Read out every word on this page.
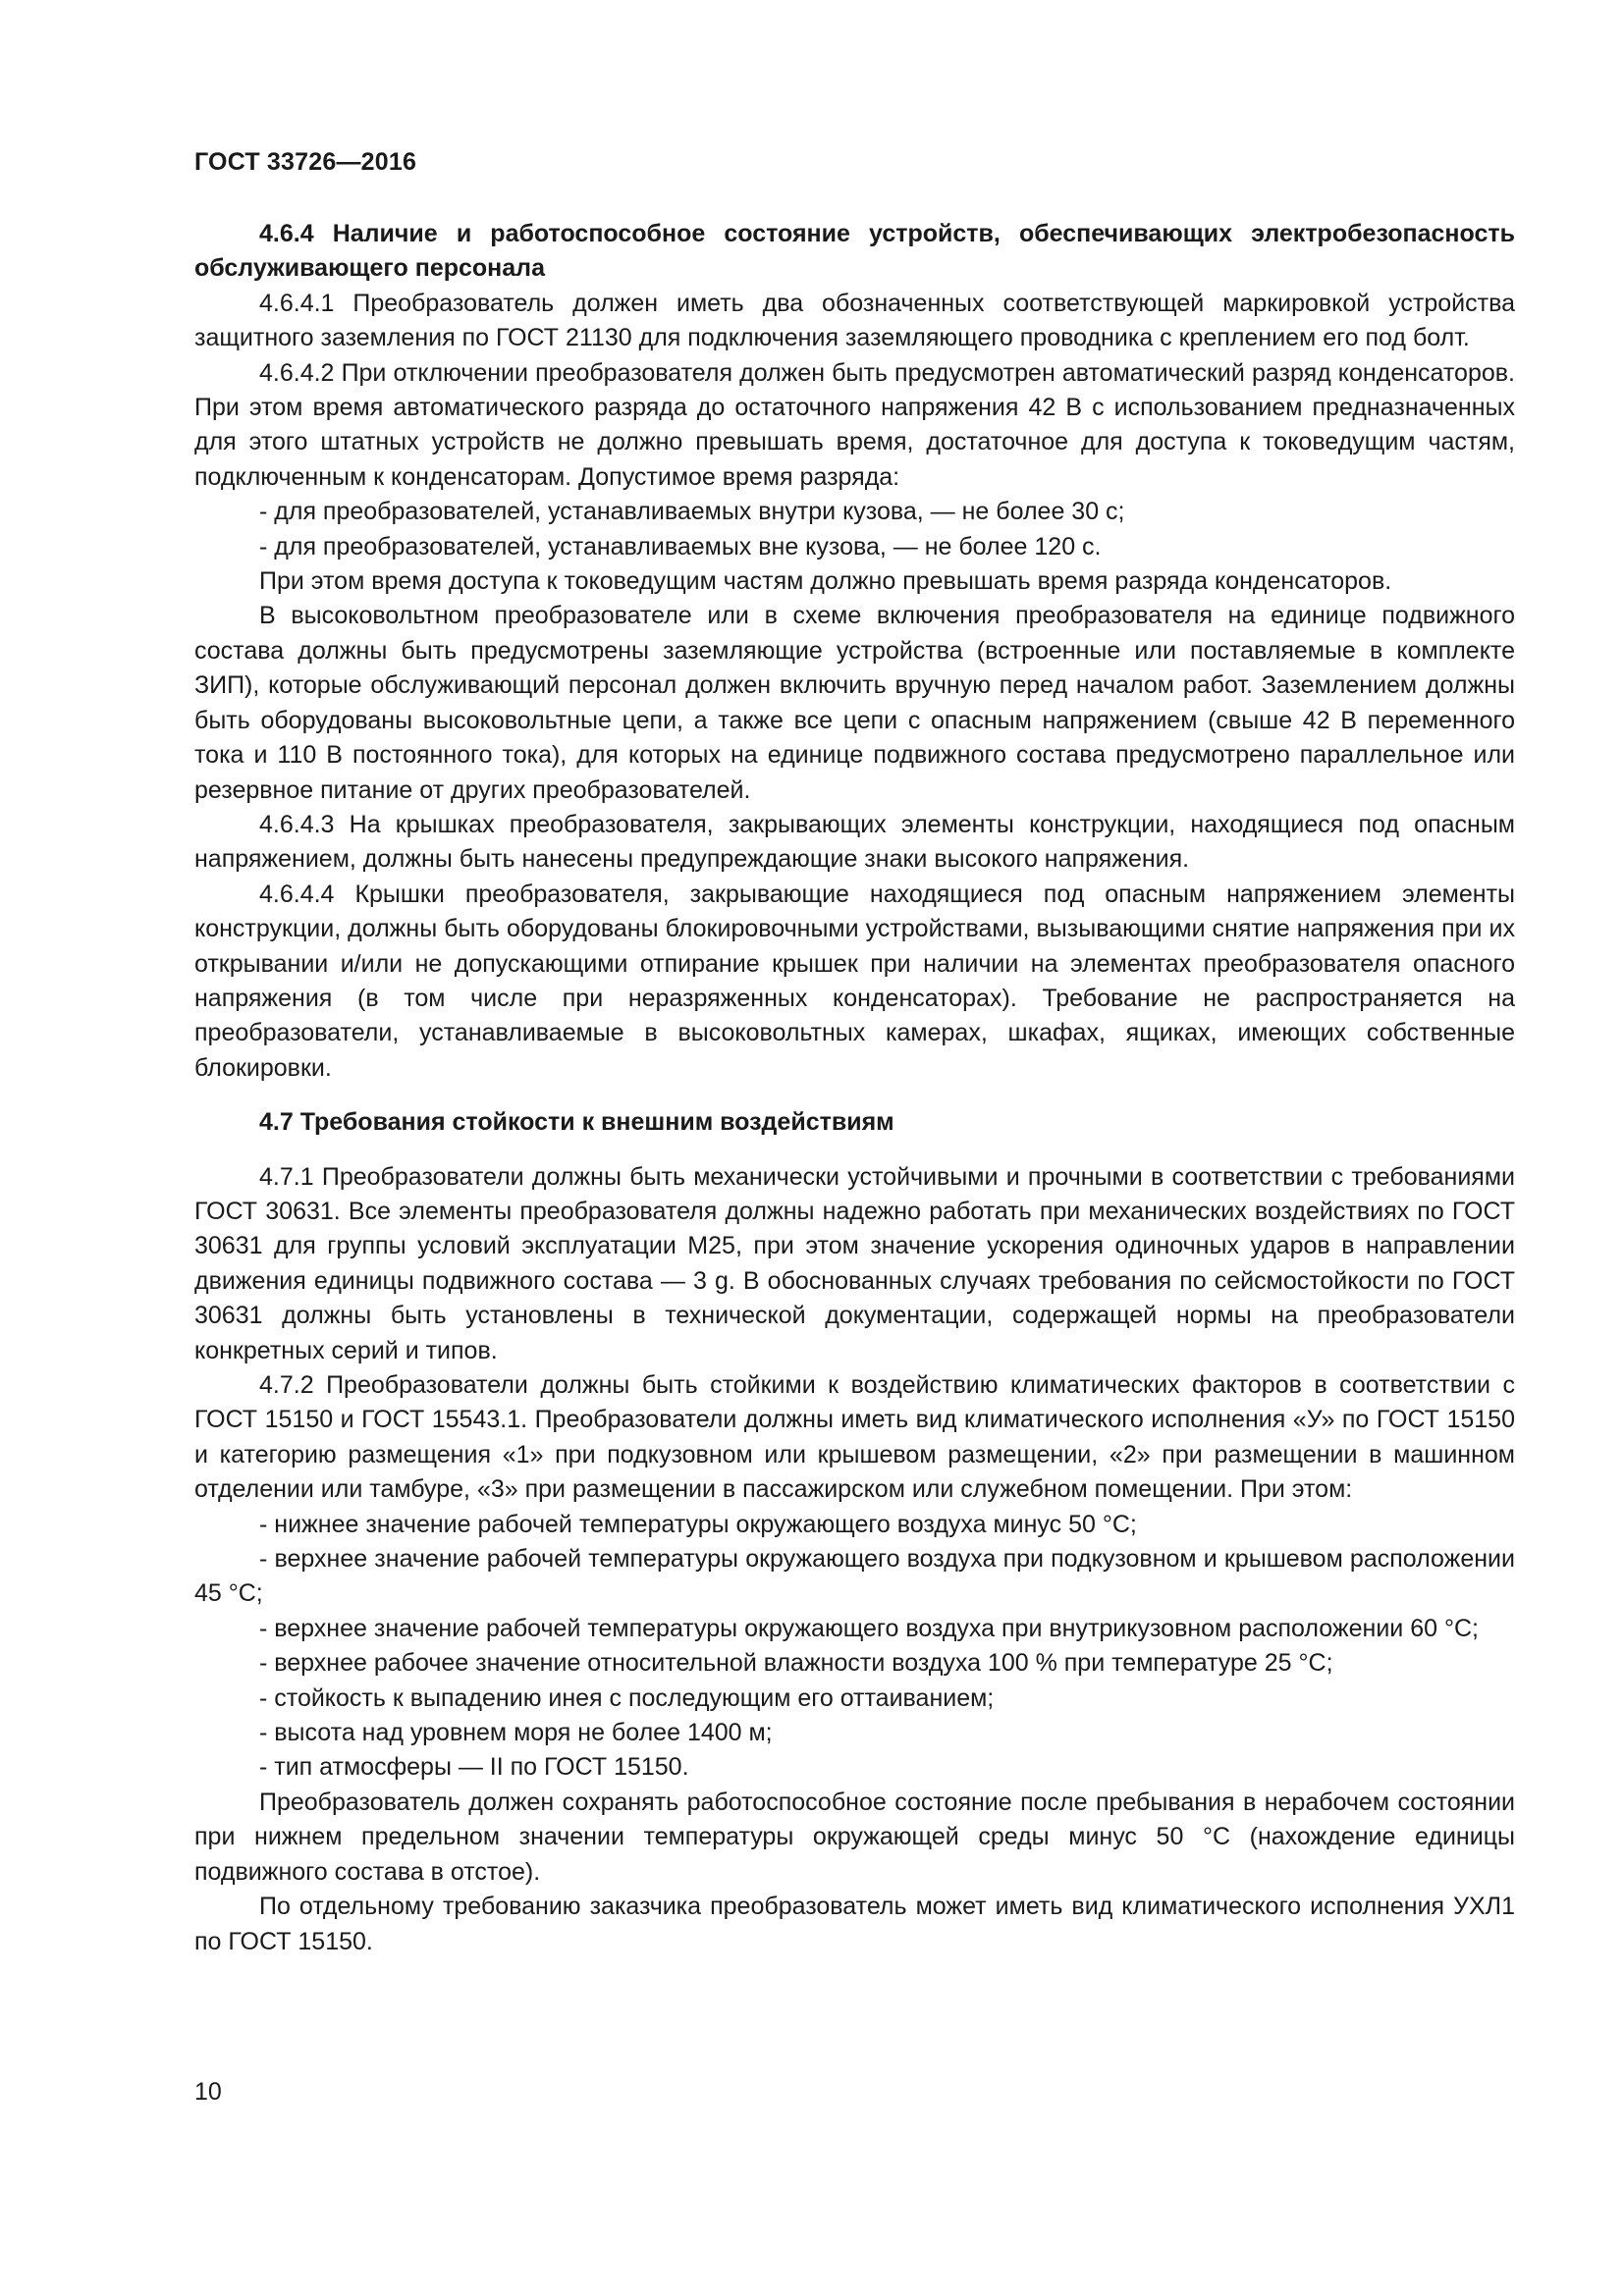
ГОСТ 33726—2016

4.6.4 Наличие и работоспособное состояние устройств, обеспечивающих электробезопасность обслуживающего персонала

4.6.4.1 Преобразователь должен иметь два обозначенных соответствующей маркировкой устройства защитного заземления по ГОСТ 21130 для подключения заземляющего проводника с креплением его под болт.

4.6.4.2 При отключении преобразователя должен быть предусмотрен автоматический разряд конденсаторов. При этом время автоматического разряда до остаточного напряжения 42 В с использованием предназначенных для этого штатных устройств не должно превышать время, достаточное для доступа к токоведущим частям, подключенным к конденсаторам. Допустимое время разряда:

- для преобразователей, устанавливаемых внутри кузова, — не более 30 с;

- для преобразователей, устанавливаемых вне кузова, — не более 120 с.

При этом время доступа к токоведущим частям должно превышать время разряда конденсаторов.

В высоковольтном преобразователе или в схеме включения преобразователя на единице подвижного состава должны быть предусмотрены заземляющие устройства (встроенные или поставляемые в комплекте ЗИП), которые обслуживающий персонал должен включить вручную перед началом работ. Заземлением должны быть оборудованы высоковольтные цепи, а также все цепи с опасным напряжением (свыше 42 В переменного тока и 110 В постоянного тока), для которых на единице подвижного состава предусмотрено параллельное или резервное питание от других преобразователей.

4.6.4.3 На крышках преобразователя, закрывающих элементы конструкции, находящиеся под опасным напряжением, должны быть нанесены предупреждающие знаки высокого напряжения.

4.6.4.4 Крышки преобразователя, закрывающие находящиеся под опасным напряжением элементы конструкции, должны быть оборудованы блокировочными устройствами, вызывающими снятие напряжения при их открывании и/или не допускающими отпирание крышек при наличии на элементах преобразователя опасного напряжения (в том числе при неразряженных конденсаторах). Требование не распространяется на преобразователи, устанавливаемые в высоковольтных камерах, шкафах, ящиках, имеющих собственные блокировки.

4.7 Требования стойкости к внешним воздействиям

4.7.1 Преобразователи должны быть механически устойчивыми и прочными в соответствии с требованиями ГОСТ 30631. Все элементы преобразователя должны надежно работать при механических воздействиях по ГОСТ 30631 для группы условий эксплуатации М25, при этом значение ускорения одиночных ударов в направлении движения единицы подвижного состава — 3 g. В обоснованных случаях требования по сейсмостойкости по ГОСТ 30631 должны быть установлены в технической документации, содержащей нормы на преобразователи конкретных серий и типов.

4.7.2 Преобразователи должны быть стойкими к воздействию климатических факторов в соответствии с ГОСТ 15150 и ГОСТ 15543.1. Преобразователи должны иметь вид климатического исполнения «У» по ГОСТ 15150 и категорию размещения «1» при подкузовном или крышевом размещении, «2» при размещении в машинном отделении или тамбуре, «3» при размещении в пассажирском или служебном помещении. При этом:

- нижнее значение рабочей температуры окружающего воздуха минус 50 °С;

- верхнее значение рабочей температуры окружающего воздуха при подкузовном и крышевом расположении 45 °С;

- верхнее значение рабочей температуры окружающего воздуха при внутрикузовном расположении 60 °С;

- верхнее рабочее значение относительной влажности воздуха 100 % при температуре 25 °С;

- стойкость к выпадению инея с последующим его оттаиванием;

- высота над уровнем моря не более 1400 м;

- тип атмосферы — II по ГОСТ 15150.

Преобразователь должен сохранять работоспособное состояние после пребывания в нерабочем состоянии при нижнем предельном значении температуры окружающей среды минус 50 °С (нахождение единицы подвижного состава в отстое).

По отдельному требованию заказчика преобразователь может иметь вид климатического исполнения УХЛ1 по ГОСТ 15150.

10
